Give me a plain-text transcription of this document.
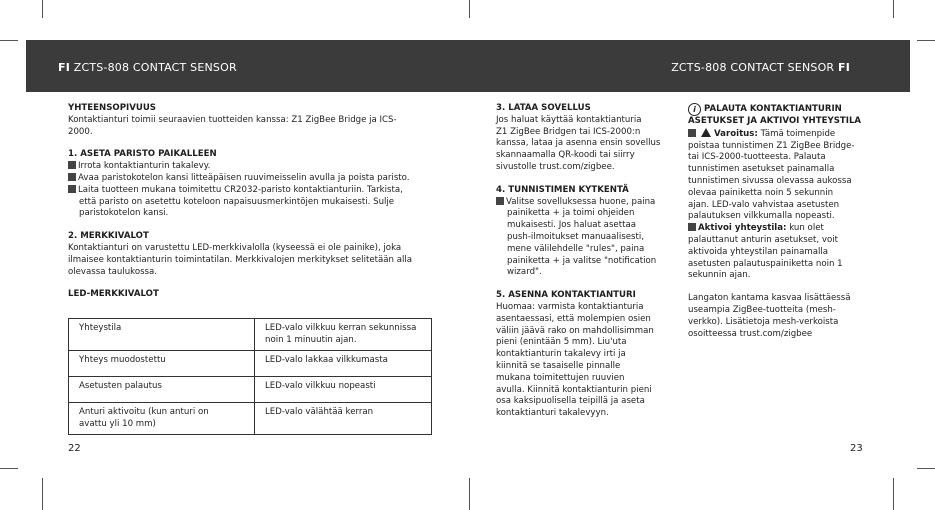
FI ZCTS-808 CONTACT SENSOR	ZCTS-808 CONTACT SENSOR FI
YHTEENSOPIVUUS

Kontaktianturi toimii seuraavien tuotteiden kanssa: Z1 ZigBee Bridge ja ICS-

2000.

1. ASETA PARISTO PAIKALLEEN

Irrota kontaktianturin takalevy.

Avaa paristokotelon kansi litteäpäisen ruuvimeisselin avulla ja poista paristo.

Laita tuotteen mukana toimitettu CR2032-paristo kontaktianturiin. Tarkista,

että paristo on asetettu koteloon napaisuusmerkintöjen mukaisesti. Sulje

paristokotelon kansi.

2. MERKKIVALOT

Kontaktianturi on varustettu LED-merkkivalolla (kyseessä ei ole painike), joka

ilmaisee kontaktianturin toimintatilan. Merkkivalojen merkitykset selitetään alla

olevassa taulukossa.

LED-MERKKIVALOT
Yhteystila	LED-valo vilkkuu kerran sekunnissa
noin 1 minuutin ajan.

Yhteys muodostettu	LED-valo lakkaa vilkkumasta

Asetusten palautus	LED-valo vilkkuu nopeasti

Anturi aktivoitu (kun anturi on
avattu yli 10 mm)	LED-valo välähtää kerran
22	23
3. LATAA SOVELLUS

Jos haluat käyttää kontaktianturia

Z1 ZigBee Bridgen tai ICS-2000:n

kanssa, lataa ja asenna ensin sovellus

skannaamalla QR-koodi tai siirry

sivustolle trust.com/zigbee.

4. TUNNISTIMEN KYTKENTÄ

Valitse sovelluksessa huone, paina

painiketta + ja toimi ohjeiden

mukaisesti. Jos haluat asettaa

push-ilmoitukset manuaalisesti,

mene välilehdelle "rules", paina

painiketta + ja valitse "notification

wizard".

5. ASENNA KONTAKTIANTURI

Huomaa: varmista kontaktianturia

asentaessasi, että molempien osien

väliin jäävä rako on mahdollisimman

pieni (enintään 5 mm). Liu'uta

kontaktianturin takalevy irti ja

kiinnitä se tasaiselle pinnalle

mukana toimitettujen ruuvien

avulla. Kiinnitä kontaktianturin pieni

osa kaksipuolisella teipillä ja aseta

kontaktianturi takalevyyn.

i PALAUTA KONTAKTIANTURIN
ASETUKSET JA AKTIVOI YHTEYSTILA

Varoitus: Tämä toimenpide

poistaa tunnistimen Z1 ZigBee Bridge-

tai ICS-2000-tuotteesta. Palauta

tunnistimen asetukset painamalla

tunnistimen sivussa olevassa aukossa

olevaa painiketta noin 5 sekunnin

ajan. LED-valo vahvistaa asetusten

palautuksen vilkkumalla nopeasti.

Aktivoi yhteystila: kun olet

palauttanut anturin asetukset, voit

aktivoida yhteystilan painamalla

asetusten palautuspainiketta noin 1

sekunnin ajan.

Langaton kantama kasvaa lisättäessä

useampia ZigBee-tuotteita (mesh-

verkko). Lisätietoja mesh-verkoista

osoitteessa trust.com/zigbee
